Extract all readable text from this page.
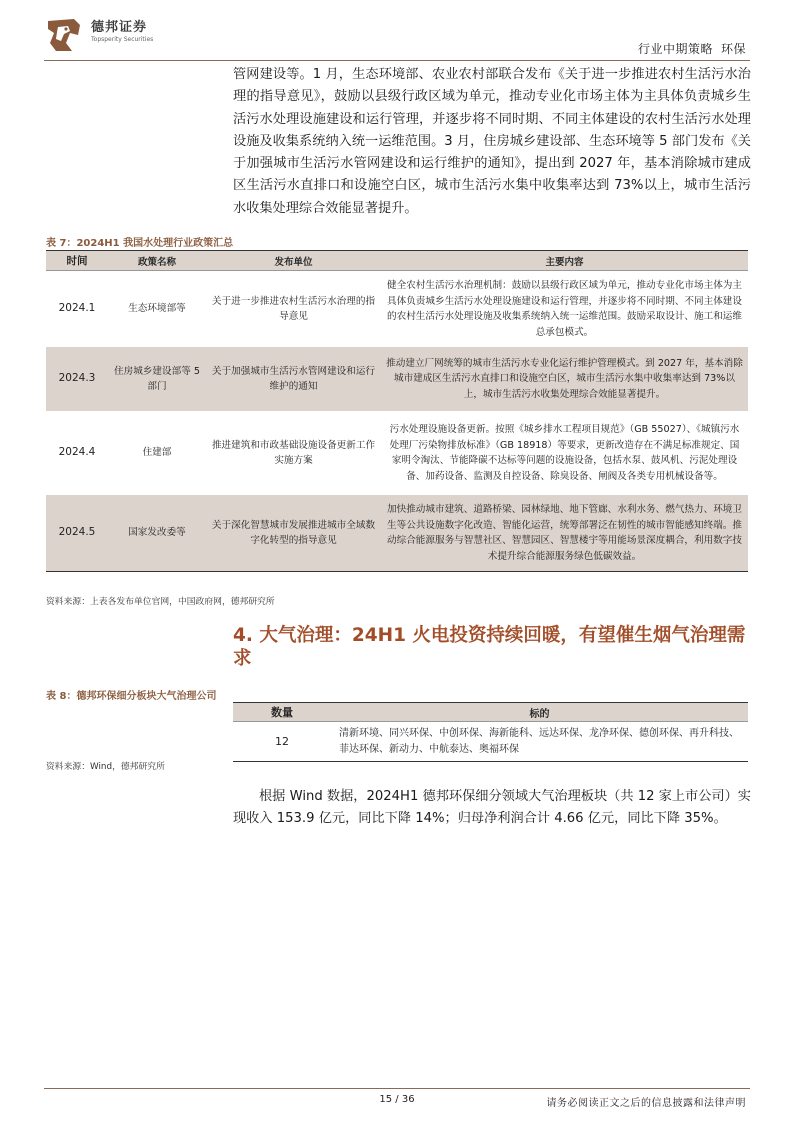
德邦证券
Topsperity Securities
行业中期策略 环保
管网建设等。1 月，生态环境部、农业农村部联合发布《关于进一步推进农村生活污水治理的指导意见》，鼓励以县级行政区域为单元，推动专业化市场主体为主具体负责城乡生活污水处理设施建设和运行管理，并逐步将不同时期、不同主体建设的农村生活污水处理设施及收集系统纳入统一运维范围。3 月，住房城乡建设部、生态环境等 5 部门发布《关于加强城市生活污水管网建设和运行维护的通知》，提出到 2027 年，基本消除城市建成区生活污水直排口和设施空白区，城市生活污水集中收集率达到 73%以上，城市生活污水收集处理综合效能显著提升。
表 7：2024H1 我国水处理行业政策汇总
时间	政策名称	发布单位	主要内容
2024.1	生态环境部等	关于进一步推进农村生活污水治理的指导意见	健全农村生活污水治理机制：鼓励以县级行政区域为单元，推动专业化市场主体为主具体负责城乡生活污水处理设施建设和运行管理，并逐步将不同时期、不同主体建设的农村生活污水处理设施及收集系统纳入统一运维范围。鼓励采取设计、施工和运维总承包模式。
2024.3	住房城乡建设部等 5 部门	关于加强城市生活污水管网建设和运行维护的通知	推动建立厂网统筹的城市生活污水专业化运行维护管理模式。到 2027 年，基本消除城市建成区生活污水直排口和设施空白区，城市生活污水集中收集率达到 73%以上，城市生活污水收集处理综合效能显著提升。
2024.4	住建部	推进建筑和市政基础设施设备更新工作实施方案	污水处理设施设备更新。按照《城乡排水工程项目规范》（GB 55027）、《城镇污水处理厂污染物排放标准》（GB 18918）等要求，更新改造存在不满足标准规定、国家明令淘汰、节能降碳不达标等问题的设施设备，包括水泵、鼓风机、污泥处理设备、加药设备、监测及自控设备、除臭设备、闸阀及各类专用机械设备等。
2024.5	国家发改委等	关于深化智慧城市发展推进城市全域数字化转型的指导意见	加快推动城市建筑、道路桥梁、园林绿地、地下管廊、水利水务、燃气热力、环境卫生等公共设施数字化改造、智能化运营，统筹部署泛在韧性的城市智能感知终端。推动综合能源服务与智慧社区、智慧园区、智慧楼宇等用能场景深度耦合，利用数字技术提升综合能源服务绿色低碳效益。
资料来源：上表各发布单位官网，中国政府网，德邦研究所
4. 大气治理：24H1 火电投资持续回暖，有望催生烟气治理需求
表 8：德邦环保细分板块大气治理公司
数量	标的
12	清新环境、同兴环保、中创环保、海新能科、远达环保、龙净环保、德创环保、再升科技、菲达环保、新动力、中航泰达、奥福环保
资料来源：Wind，德邦研究所
根据 Wind 数据，2024H1 德邦环保细分领域大气治理板块（共 12 家上市公司）实现收入 153.9 亿元，同比下降 14%；归母净利润合计 4.66 亿元，同比下降 35%。
15 / 36	请务必阅读正文之后的信息披露和法律声明
